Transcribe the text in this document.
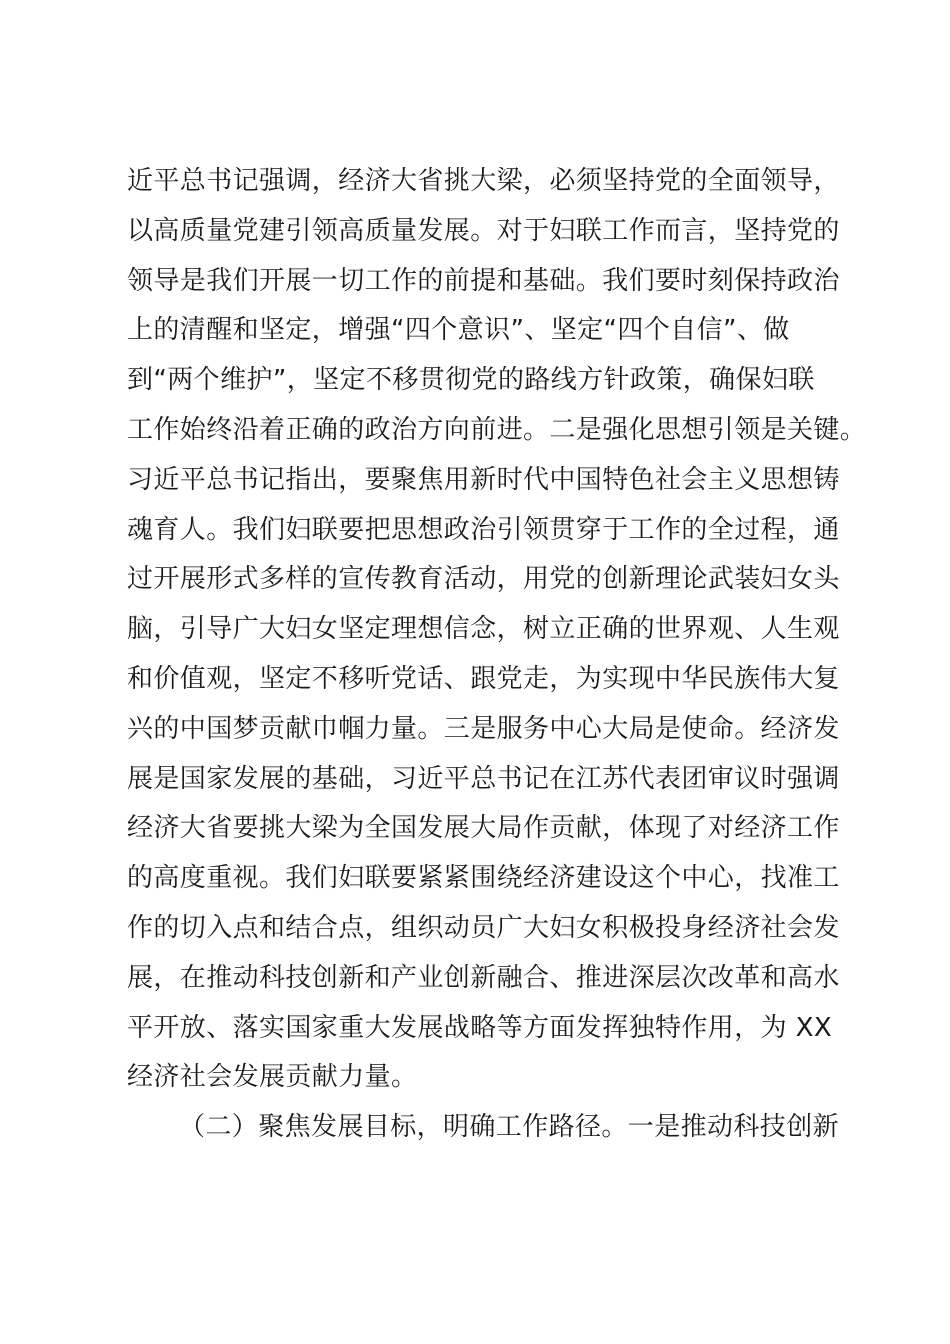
近平总书记强调，经济大省挑大梁，必须坚持党的全面领导，
以高质量党建引领高质量发展。对于妇联工作而言，坚持党的
领导是我们开展一切工作的前提和基础。我们要时刻保持政治
上的清醒和坚定，增强“四个意识”、坚定“四个自信”、做
到“两个维护”，坚定不移贯彻党的路线方针政策，确保妇联
工作始终沿着正确的政治方向前进。二是强化思想引领是关键。
习近平总书记指出，要聚焦用新时代中国特色社会主义思想铸
魂育人。我们妇联要把思想政治引领贯穿于工作的全过程，通
过开展形式多样的宣传教育活动，用党的创新理论武装妇女头
脑，引导广大妇女坚定理想信念，树立正确的世界观、人生观
和价值观，坚定不移听党话、跟党走，为实现中华民族伟大复
兴的中国梦贡献巾帼力量。三是服务中心大局是使命。经济发
展是国家发展的基础，习近平总书记在江苏代表团审议时强调
经济大省要挑大梁为全国发展大局作贡献，体现了对经济工作
的高度重视。我们妇联要紧紧围绕经济建设这个中心，找准工
作的切入点和结合点，组织动员广大妇女积极投身经济社会发
展，在推动科技创新和产业创新融合、推进深层次改革和高水
平开放、落实国家重大发展战略等方面发挥独特作用，为 XX
经济社会发展贡献力量。
（二）聚焦发展目标，明确工作路径。一是推动科技创新
